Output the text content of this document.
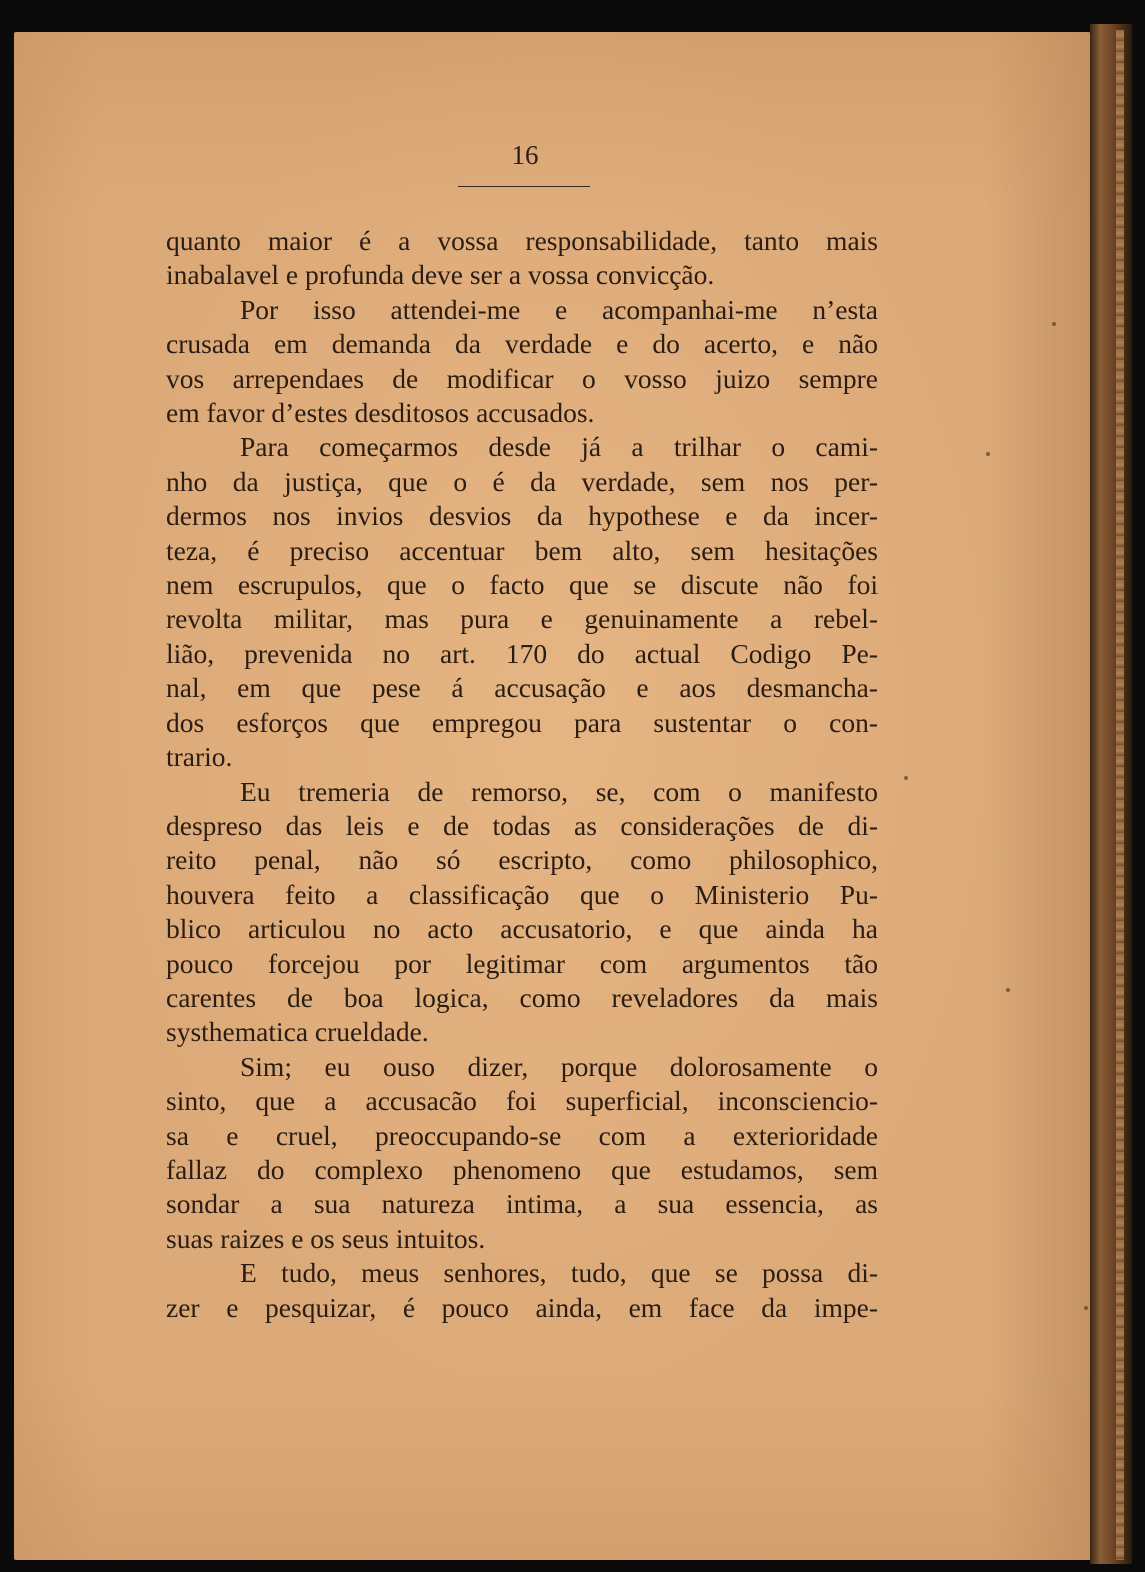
16
quanto maior é a vossa responsabilidade, tanto mais
inabalavel e profunda deve ser a vossa convicção.
Por isso attendei-me e acompanhai-me n’esta
crusada em demanda da verdade e do acerto, e não
vos arrependaes de modificar o vosso juizo sempre
em favor d’estes desditosos accusados.
Para começarmos desde já a trilhar o cami-
nho da justiça, que o é da verdade, sem nos per-
dermos nos invios desvios da hypothese e da incer-
teza, é preciso accentuar bem alto, sem hesitações
nem escrupulos, que o facto que se discute não foi
revolta militar, mas pura e genuinamente a rebel-
lião, prevenida no art. 170 do actual Codigo Pe-
nal, em que pese á accusação e aos desmancha-
dos esforços que empregou para sustentar o con-
trario.
Eu tremeria de remorso, se, com o manifesto
despreso das leis e de todas as considerações de di-
reito penal, não só escripto, como philosophico,
houvera feito a classificação que o Ministerio Pu-
blico articulou no acto accusatorio, e que ainda ha
pouco forcejou por legitimar com argumentos tão
carentes de boa logica, como reveladores da mais
systhematica crueldade.
Sim; eu ouso dizer, porque dolorosamente o
sinto, que a accusacão foi superficial, inconsciencio-
sa e cruel, preoccupando-se com a exterioridade
fallaz do complexo phenomeno que estudamos, sem
sondar a sua natureza intima, a sua essencia, as
suas raizes e os seus intuitos.
E tudo, meus senhores, tudo, que se possa di-
zer e pesquizar, é pouco ainda, em face da impe-
